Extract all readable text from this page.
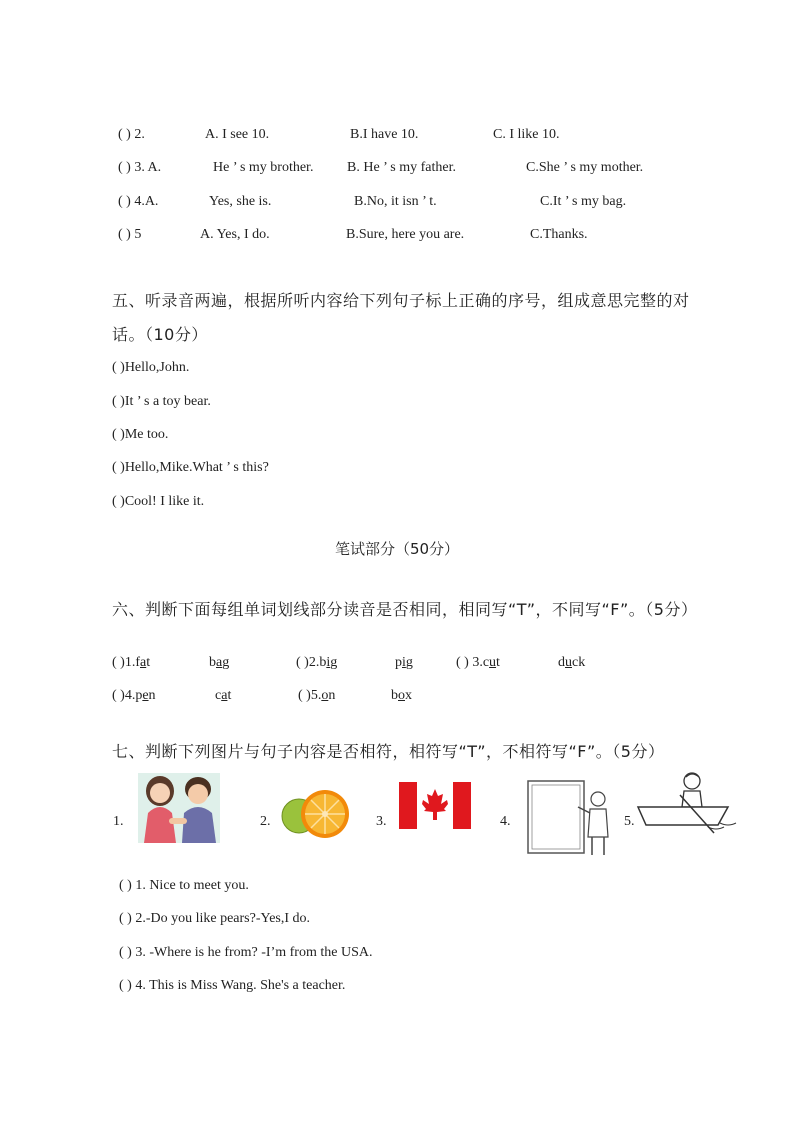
( ) 2.	A. I see 10.	B.I have 10.	C. I like 10.
( ) 3. A.	He ’ s my brother. B. He ’ s my father.	C.She ’ s my mother.
( ) 4.A.	Yes, she is.	B.No, it isn ’ t.	C.It ’ s my bag.
( ) 5	A. Yes, I do.	B.Sure, here you are.	C.Thanks.
五、听录音两遍，根据所听内容给下列句子标上正确的序号，组成意思完整的对
话。（10分）
( )Hello,John.
( )It ’ s a toy bear.
( )Me too.
( )Hello,Mike.What ’ s this?
( )Cool! I like it.
笔试部分（50分）
六、判断下面每组单词划线部分读音是否相同，相同写“T”，不同写“F”。（5分）
( )1.fat	bag	( )2.big	pig	( ) 3.cut	duck
( )4.pen	cat	( )5.on	box
七、判断下列图片与句子内容是否相符，相符写“T”，不相符写“F”。（5分）
1.	2.	3.	4.	5.
( ) 1. Nice to meet you.
( ) 2.-Do you like pears?-Yes,I do.
( ) 3. -Where is he from? -I’m from the USA.
( ) 4. This is Miss Wang. She's a teacher.
